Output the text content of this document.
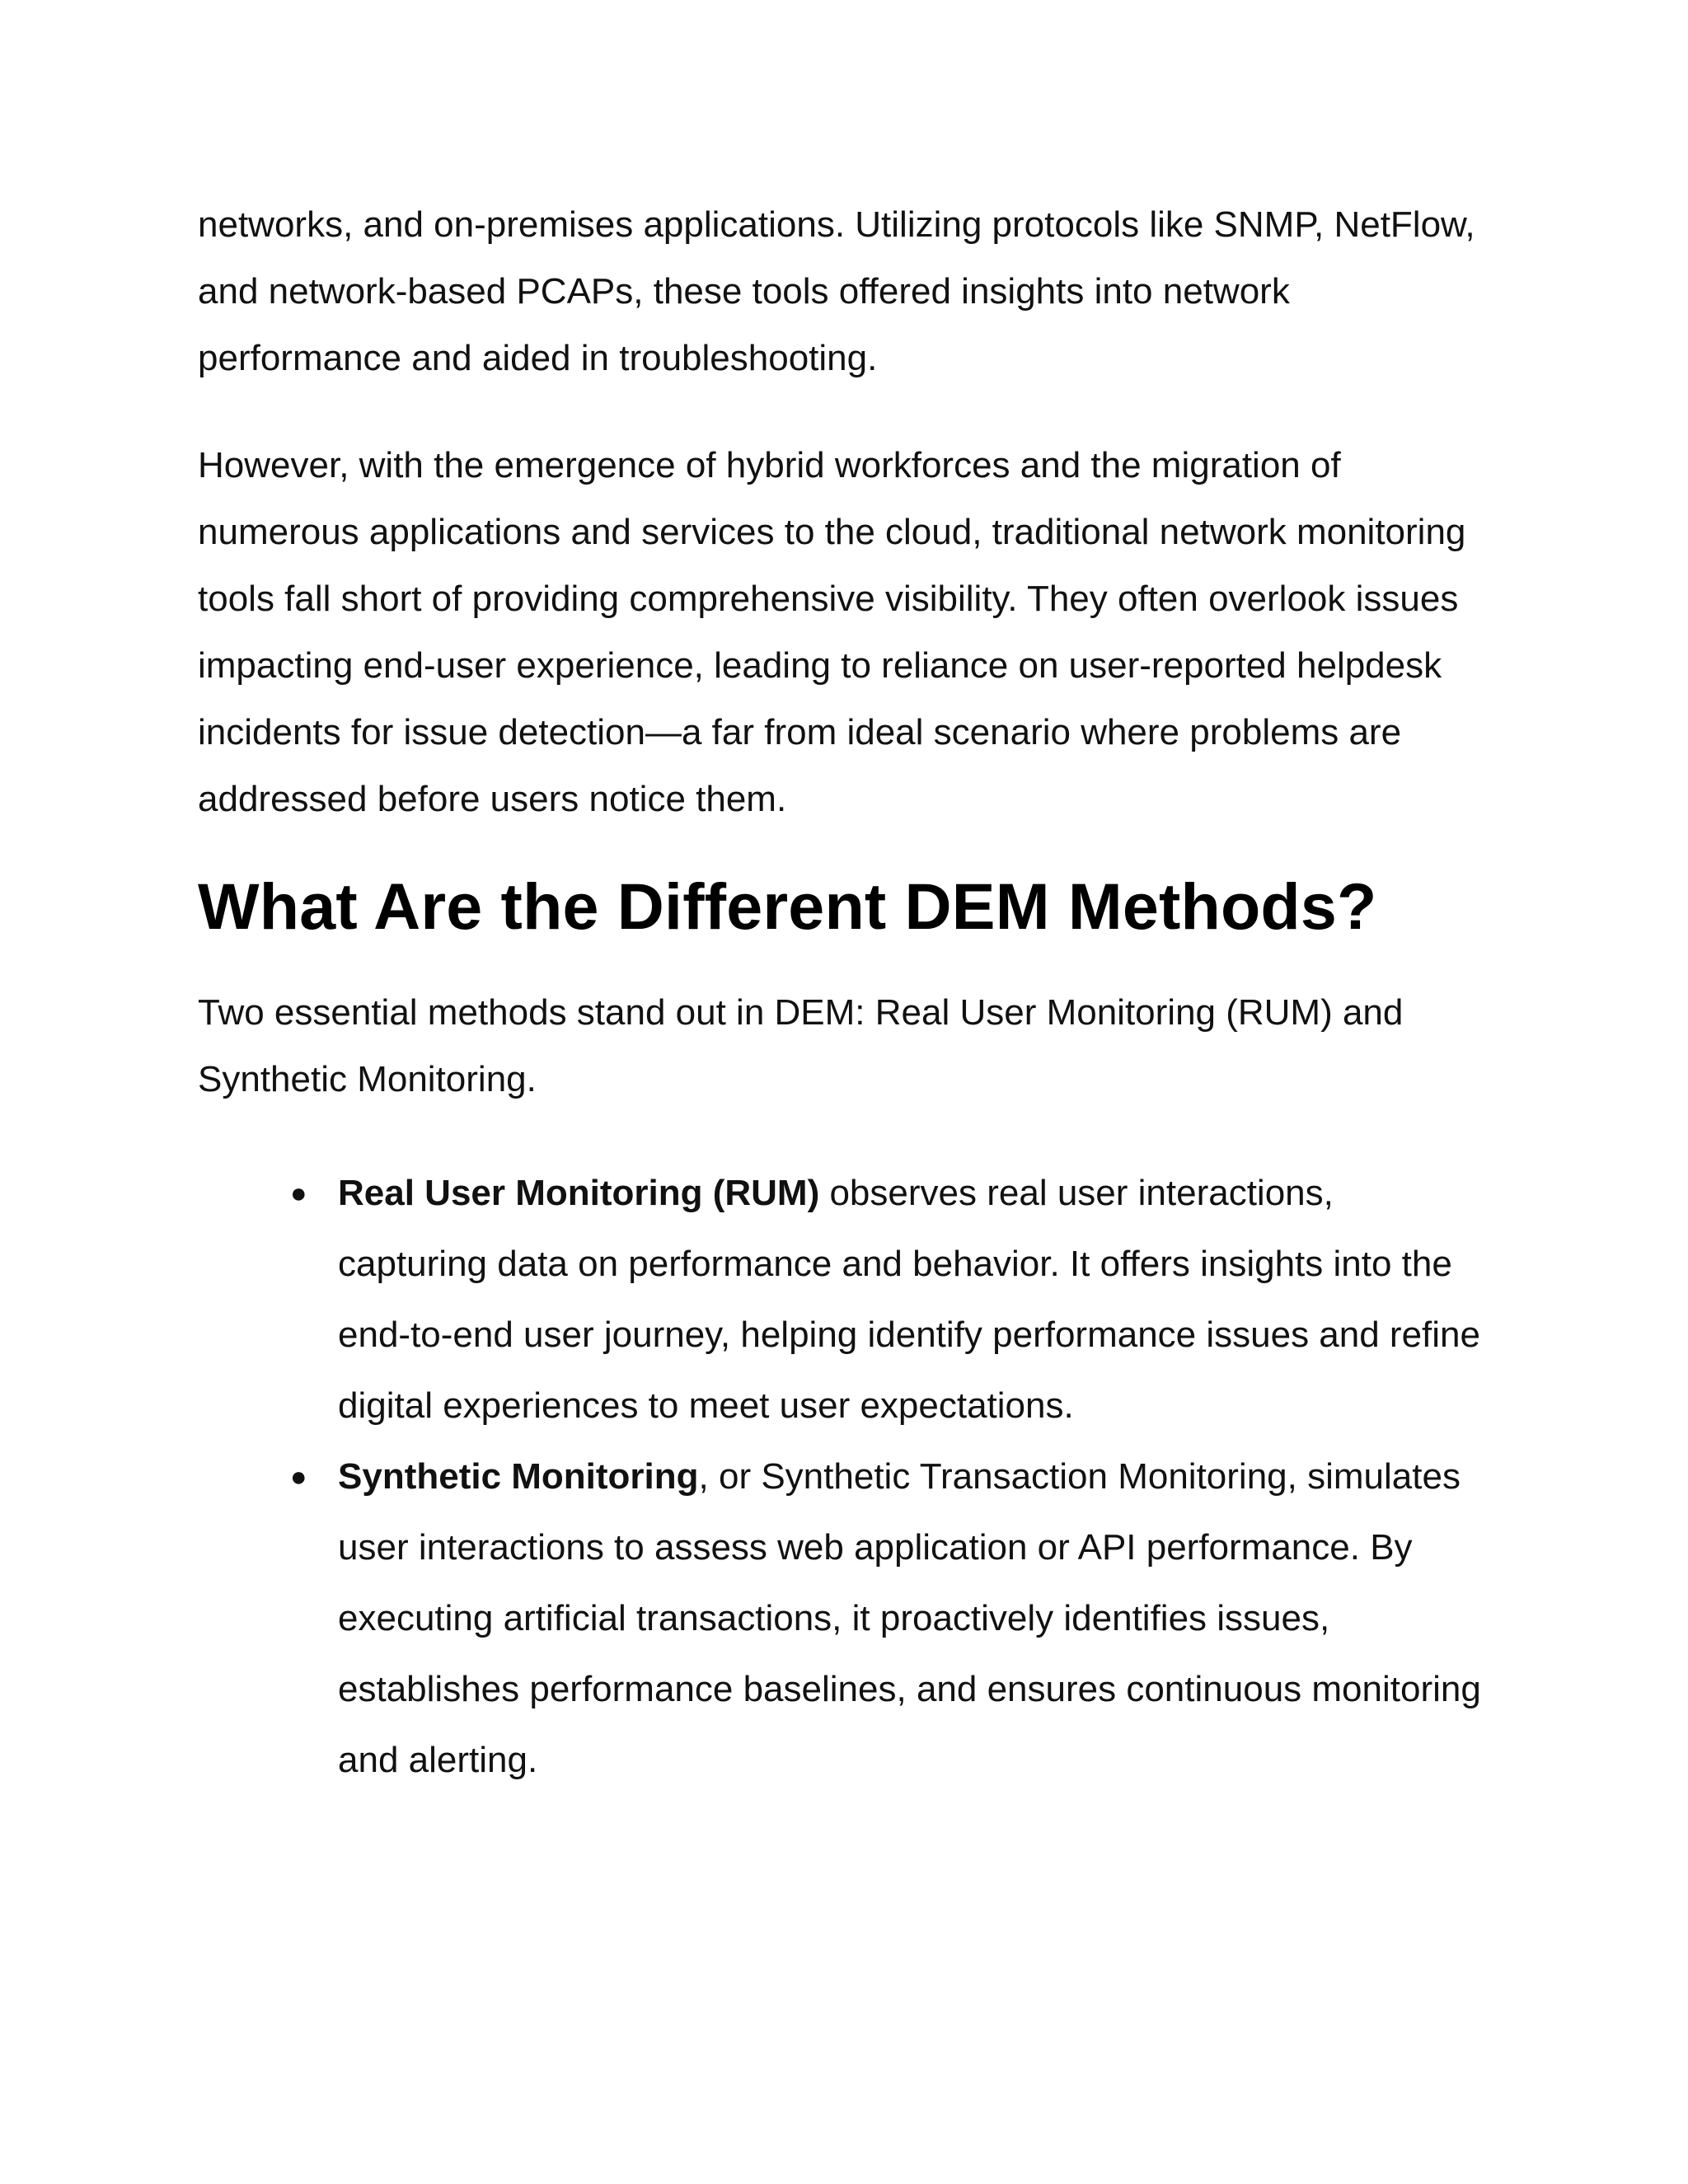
networks, and on-premises applications. Utilizing protocols like SNMP, NetFlow, and network-based PCAPs, these tools offered insights into network performance and aided in troubleshooting.

However, with the emergence of hybrid workforces and the migration of numerous applications and services to the cloud, traditional network monitoring tools fall short of providing comprehensive visibility. They often overlook issues impacting end-user experience, leading to reliance on user-reported helpdesk incidents for issue detection—a far from ideal scenario where problems are addressed before users notice them.

What Are the Different DEM Methods?

Two essential methods stand out in DEM: Real User Monitoring (RUM) and Synthetic Monitoring.

● Real User Monitoring (RUM) observes real user interactions, capturing data on performance and behavior. It offers insights into the end-to-end user journey, helping identify performance issues and refine digital experiences to meet user expectations.
● Synthetic Monitoring, or Synthetic Transaction Monitoring, simulates user interactions to assess web application or API performance. By executing artificial transactions, it proactively identifies issues, establishes performance baselines, and ensures continuous monitoring and alerting.
